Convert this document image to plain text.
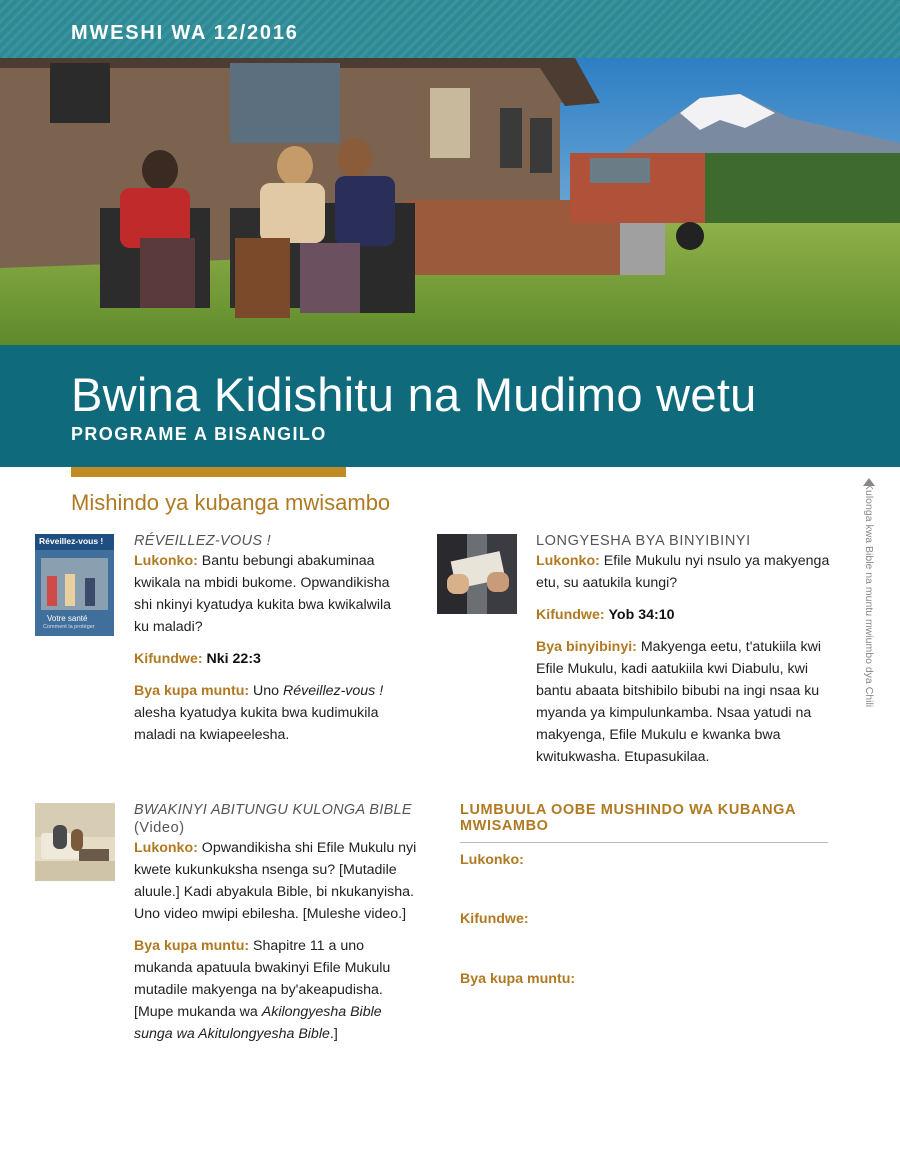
MWESHI WA 12/2016
Bwina Kidishitu na Mudimo wetu
PROGRAME A BISANGILO
Mishindo ya kubanga mwisambo	Kulonga kwa Bible na muntu mwiumbo dya Chili
Réveillez-vous !
Votre santé
Comment la protéger
RÉVEILLEZ-VOUS !

Lukonko: Bantu bebungi abakuminaa kwikala na mbidi bukome. Opwandikisha shi nkinyi kyatudya kukita bwa kwikalwila ku maladi?

Kifundwe: Nki 22:3

Bya kupa muntu: Uno Réveillez-vous ! alesha kyatudya kukita bwa kudimukila maladi na kwiapeelesha.

LONGYESHA BYA BINYIBINYI

Lukonko: Efile Mukulu nyi nsulo ya makyenga etu, su aatukila kungi?

Kifundwe: Yob 34:10

Bya binyibinyi: Makyenga eetu, t'atukiila kwi Efile Mukulu, kadi aatukiila kwi Diabulu, kwi bantu abaata bitshibilo bibubi na ingi nsaa ku myanda ya kimpulunkamba. Nsaa yatudi na makyenga, Efile Mukulu e kwanka bwa kwitukwasha. Etupasukilaa.

BWAKINYI ABITUNGU KULONGA BIBLE
(Video)

Lukonko: Opwandikisha shi Efile Mukulu nyi kwete kukunkuksha nsenga su? [Mutadile aluule.] Kadi abyakula Bible, bi nkukanyisha. Uno video mwipi ebilesha. [Muleshe video.]

Bya kupa muntu: Shapitre 11 a uno mukanda apatuula bwakinyi Efile Mukulu mutadile makyenga na by'akeapudisha. [Mupe mukanda wa Akilongyesha Bible sunga wa Akitulongyesha Bible.]

LUMBUULA OOBE MUSHINDO WA KUBANGA MWISAMBO
Lukonko:
Kifundwe:
Bya kupa muntu:
